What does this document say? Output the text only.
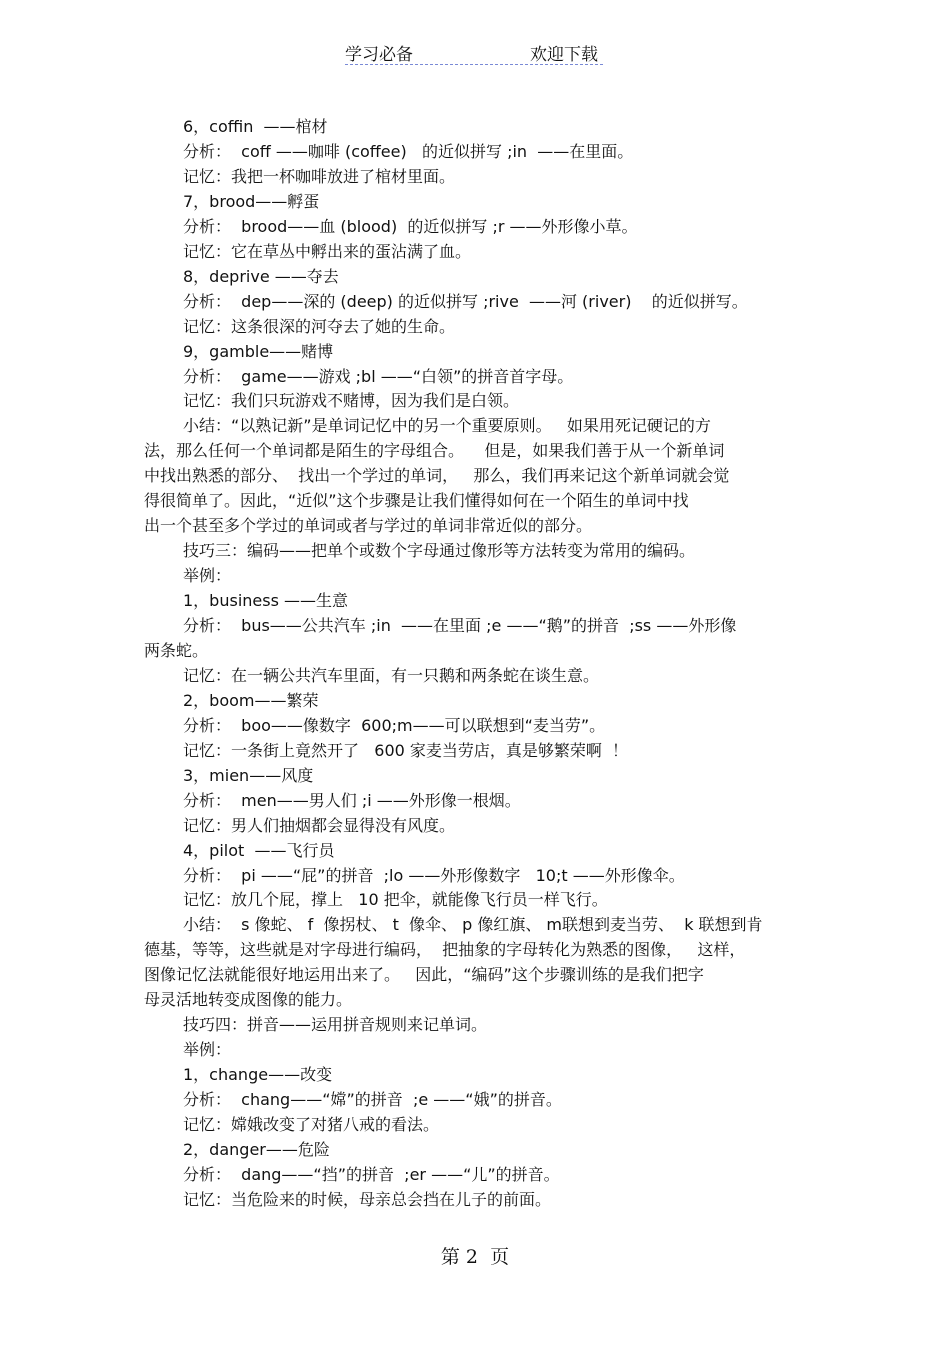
学习必备	欢迎下载
6，coffin  ——棺材
分析：  coff ——咖啡 (coffee)   的近似拼写 ;in  ——在里面。
记忆：我把一杯咖啡放进了棺材里面。
7，brood——孵蛋
分析：  brood——血 (blood)  的近似拼写 ;r ——外形像小草。
记忆：它在草丛中孵出来的蛋沾满了血。
8，deprive ——夺去
分析：  dep——深的 (deep) 的近似拼写 ;rive  ——河 (river)    的近似拼写。
记忆：这条很深的河夺去了她的生命。
9，gamble——赌博
分析：  game——游戏 ;bl ——“白领”的拼音首字母。
记忆：我们只玩游戏不赌博，因为我们是白领。
小结：“以熟记新”是单词记忆中的另一个重要原则。   如果用死记硬记的方
法，那么任何一个单词都是陌生的字母组合。    但是，如果我们善于从一个新单词
中找出熟悉的部分、  找出一个学过的单词，   那么，我们再来记这个新单词就会觉
得很简单了。因此，“近似”这个步骤是让我们懂得如何在一个陌生的单词中找
出一个甚至多个学过的单词或者与学过的单词非常近似的部分。
技巧三：编码——把单个或数个字母通过像形等方法转变为常用的编码。
举例：
1，business ——生意
分析：  bus——公共汽车 ;in  ——在里面 ;e ——“鹅”的拼音  ;ss ——外形像
两条蛇。
记忆：在一辆公共汽车里面，有一只鹅和两条蛇在谈生意。
2，boom——繁荣
分析：  boo——像数字  600;m——可以联想到“麦当劳”。
记忆：一条街上竟然开了   600 家麦当劳店，真是够繁荣啊  ！
3，mien——风度
分析：  men——男人们 ;i ——外形像一根烟。
记忆：男人们抽烟都会显得没有风度。
4，pilot  ——飞行员
分析：  pi ——“屁”的拼音  ;lo ——外形像数字   10;t ——外形像伞。
记忆：放几个屁，撑上   10 把伞，就能像飞行员一样飞行。
小结：  s 像蛇、 f  像拐杖、 t  像伞、 p 像红旗、 m联想到麦当劳、  k 联想到肯
德基，等等，这些就是对字母进行编码，  把抽象的字母转化为熟悉的图像，   这样，
图像记忆法就能很好地运用出来了。   因此，“编码”这个步骤训练的是我们把字
母灵活地转变成图像的能力。
技巧四：拼音——运用拼音规则来记单词。
举例：
1，change——改变
分析：  chang——“嫦”的拼音  ;e ——“娥”的拼音。
记忆：嫦娥改变了对猪八戒的看法。
2，danger——危险
分析：  dang——“挡”的拼音  ;er ——“儿”的拼音。
记忆：当危险来的时候，母亲总会挡在儿子的前面。
第 2  页
